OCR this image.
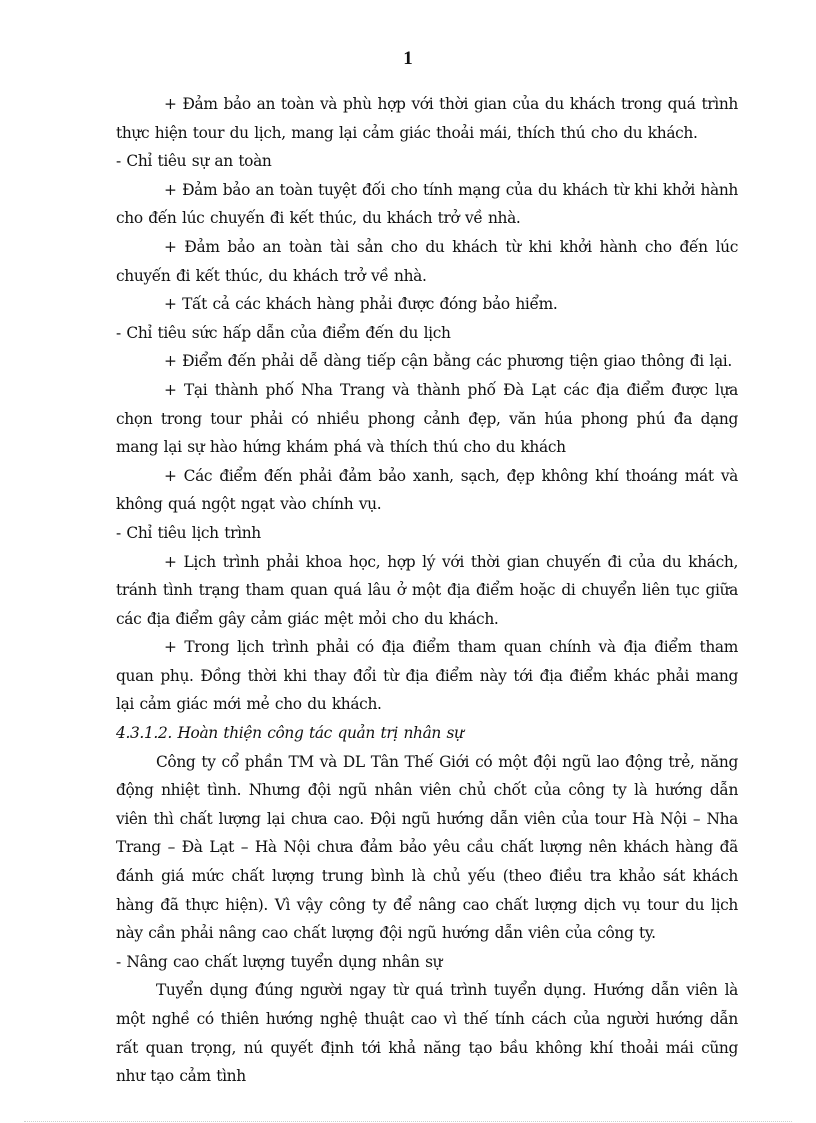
1

+ Đảm bảo an toàn và phù hợp với thời gian của du khách trong quá trình thực hiện tour du lịch, mang lại cảm giác thoải mái, thích thú cho du khách.

- Chỉ tiêu sự an toàn

+ Đảm bảo an toàn tuyệt đối cho tính mạng của du khách từ khi khởi hành cho đến lúc chuyến đi kết thúc, du khách trở về nhà.

+ Đảm bảo an toàn tài sản cho du khách từ khi khởi hành cho đến lúc chuyến đi kết thúc, du khách trở về nhà.

+ Tất cả các khách hàng phải được đóng bảo hiểm.

- Chỉ tiêu sức hấp dẫn của điểm đến du lịch

+ Điểm đến phải dễ dàng tiếp cận bằng các phương tiện giao thông đi lại.

+ Tại thành phố Nha Trang và thành phố Đà Lạt các địa điểm được lựa chọn trong tour phải có nhiều phong cảnh đẹp, văn húa phong phú đa dạng mang lại sự hào hứng khám phá và thích thú cho du khách

+ Các điểm đến phải đảm bảo xanh, sạch, đẹp không khí thoáng mát và không quá ngột ngạt vào chính vụ.

- Chỉ tiêu lịch trình

+ Lịch trình phải khoa học, hợp lý với thời gian chuyến đi của du khách, tránh tình trạng tham quan quá lâu ở một địa điểm hoặc di chuyển liên tục giữa các địa điểm gây cảm giác mệt mỏi cho du khách.

+ Trong lịch trình phải có địa điểm tham quan chính và địa điểm tham quan phụ. Đồng thời khi thay đổi từ địa điểm này tới địa điểm khác phải mang lại cảm giác mới mẻ cho du khách.

4.3.1.2. Hoàn thiện công tác quản trị nhân sự

Công ty cổ phần TM và DL Tân Thế Giới có một đội ngũ lao động trẻ, năng động nhiệt tình. Nhưng đội ngũ nhân viên chủ chốt của công ty là hướng dẫn viên thì chất lượng lại chưa cao. Đội ngũ hướng dẫn viên của tour Hà Nội – Nha Trang – Đà Lạt – Hà Nội chưa đảm bảo yêu cầu chất lượng nên khách hàng đã đánh giá mức chất lượng trung bình là chủ yếu (theo điều tra khảo sát khách hàng đã thực hiện). Vì vậy công ty để nâng cao chất lượng dịch vụ tour du lịch này cần phải nâng cao chất lượng đội ngũ hướng dẫn viên của công ty.

- Nâng cao chất lượng tuyển dụng nhân sự

Tuyển dụng đúng người ngay từ quá trình tuyển dụng. Hướng dẫn viên là một nghề có thiên hướng nghệ thuật cao vì thế tính cách của người hướng dẫn rất quan trọng, nú quyết định tới khả năng tạo bầu không khí thoải mái cũng như tạo cảm tình
